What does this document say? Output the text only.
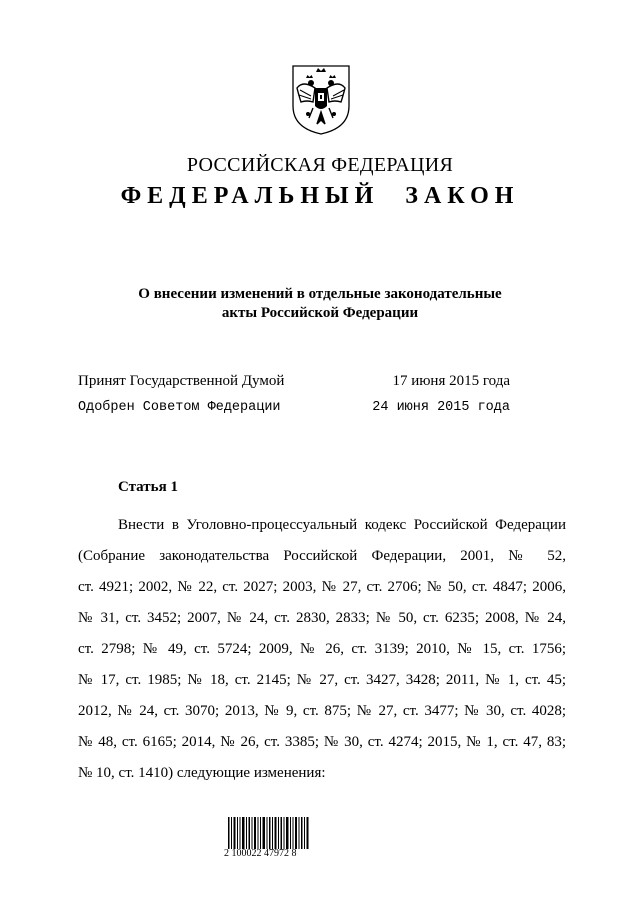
РОССИЙСКАЯ ФЕДЕРАЦИЯ
ФЕДЕРАЛЬНЫЙ ЗАКОН
О внесении изменений в отдельные законодательные
акты Российской Федерации
Принят Государственной Думой	17 июня 2015 года
Одобрен Советом Федерации	24 июня 2015 года
Статья 1
Внести в Уголовно-процессуальный кодекс Российской Федерации
(Собрание законодательства Российской Федерации, 2001, № 52,
ст. 4921; 2002, № 22, ст. 2027; 2003, № 27, ст. 2706; № 50, ст. 4847; 2006,
№ 31, ст. 3452; 2007, № 24, ст. 2830, 2833; № 50, ст. 6235; 2008, № 24,
ст. 2798; № 49, ст. 5724; 2009, № 26, ст. 3139; 2010, № 15, ст. 1756;
№ 17, ст. 1985; № 18, ст. 2145; № 27, ст. 3427, 3428; 2011, № 1, ст. 45;
2012, № 24, ст. 3070; 2013, № 9, ст. 875; № 27, ст. 3477; № 30, ст. 4028;
№ 48, ст. 6165; 2014, № 26, ст. 3385; № 30, ст. 4274; 2015, № 1, ст. 47, 83;
№ 10, ст. 1410) следующие изменения:
2 100022 47972 8
